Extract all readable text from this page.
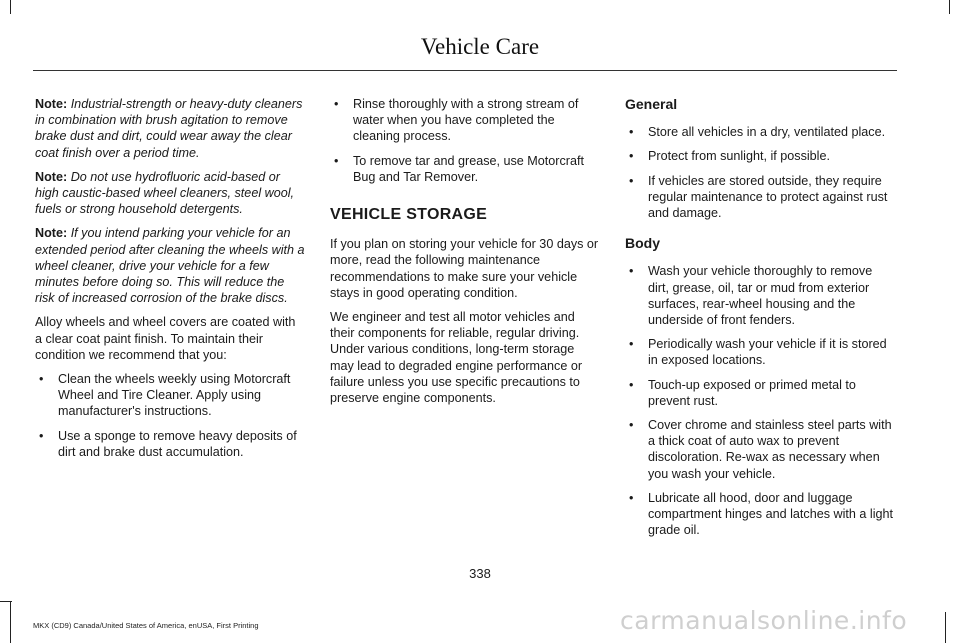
Vehicle Care

Note: Industrial-strength or heavy-duty cleaners in combination with brush agitation to remove brake dust and dirt, could wear away the clear coat finish over a period time.

Note: Do not use hydrofluoric acid-based or high caustic-based wheel cleaners, steel wool, fuels or strong household detergents.

Note: If you intend parking your vehicle for an extended period after cleaning the wheels with a wheel cleaner, drive your vehicle for a few minutes before doing so. This will reduce the risk of increased corrosion of the brake discs.

Alloy wheels and wheel covers are coated with a clear coat paint finish. To maintain their condition we recommend that you:

• Clean the wheels weekly using Motorcraft Wheel and Tire Cleaner. Apply using manufacturer's instructions.
• Use a sponge to remove heavy deposits of dirt and brake dust accumulation.
• Rinse thoroughly with a strong stream of water when you have completed the cleaning process.
• To remove tar and grease, use Motorcraft Bug and Tar Remover.
VEHICLE STORAGE

If you plan on storing your vehicle for 30 days or more, read the following maintenance recommendations to make sure your vehicle stays in good operating condition.

We engineer and test all motor vehicles and their components for reliable, regular driving. Under various conditions, long-term storage may lead to degraded engine performance or failure unless you use specific precautions to preserve engine components.

General
• Store all vehicles in a dry, ventilated place.
• Protect from sunlight, if possible.
• If vehicles are stored outside, they require regular maintenance to protect against rust and damage.
Body
• Wash your vehicle thoroughly to remove dirt, grease, oil, tar or mud from exterior surfaces, rear-wheel housing and the underside of front fenders.
• Periodically wash your vehicle if it is stored in exposed locations.
• Touch-up exposed or primed metal to prevent rust.
• Cover chrome and stainless steel parts with a thick coat of auto wax to prevent discoloration. Re-wax as necessary when you wash your vehicle.
• Lubricate all hood, door and luggage compartment hinges and latches with a light grade oil.
338
MKX (CD9) Canada/United States of America, enUSA, First Printing	carmanualsonline.info
